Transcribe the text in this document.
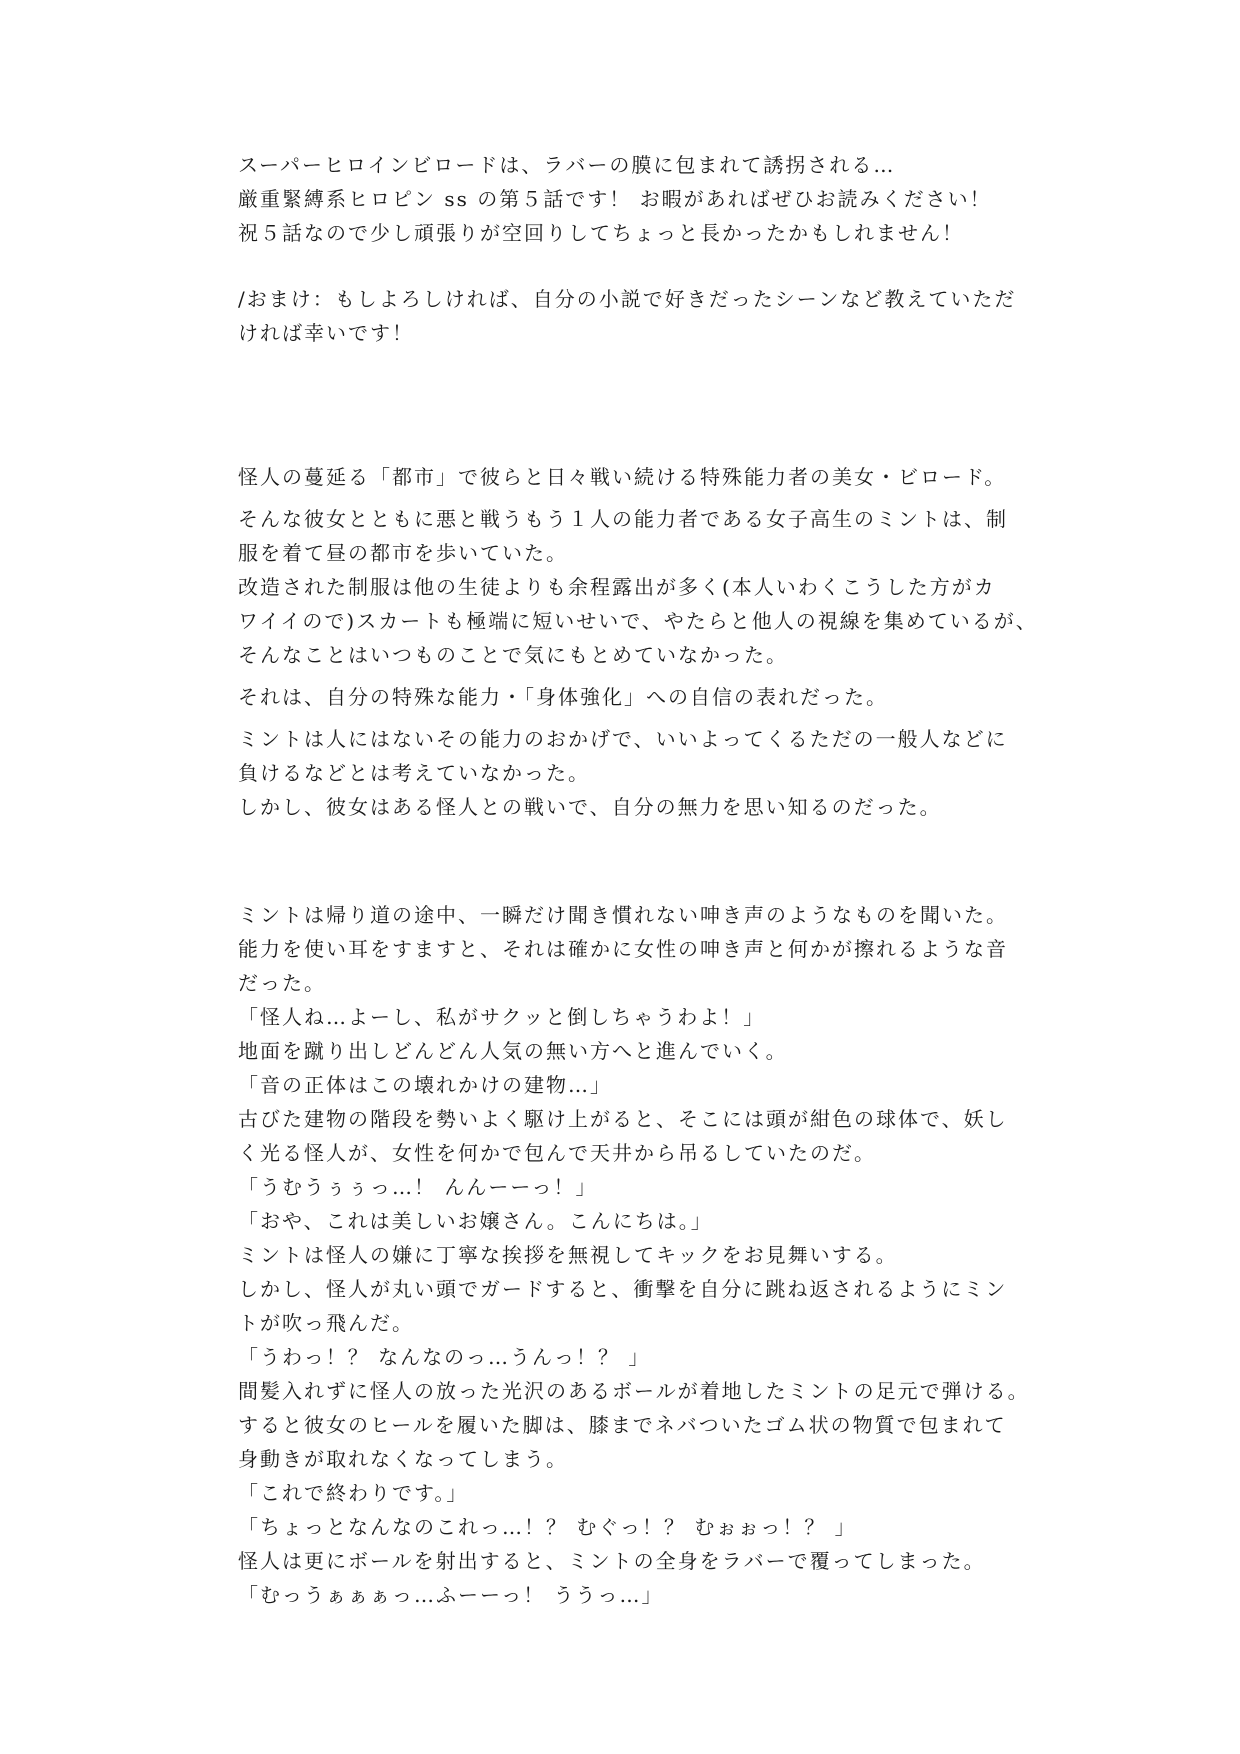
スーパーヒロインビロードは、ラバーの膜に包まれて誘拐される…
厳重緊縛系ヒロピン ss の第５話です！ お暇があればぜひお読みください！
祝５話なので少し頑張りが空回りしてちょっと長かったかもしれません！
/おまけ：もしよろしければ、自分の小説で好きだったシーンなど教えていただ
ければ幸いです！
怪人の蔓延る「都市」で彼らと日々戦い続ける特殊能力者の美女・ビロード。
そんな彼女とともに悪と戦うもう１人の能力者である女子高生のミントは、制
服を着て昼の都市を歩いていた。
改造された制服は他の生徒よりも余程露出が多く(本人いわくこうした方がカ
ワイイので)スカートも極端に短いせいで、やたらと他人の視線を集めているが、
そんなことはいつものことで気にもとめていなかった。
それは、自分の特殊な能力・「身体強化」への自信の表れだった。
ミントは人にはないその能力のおかげで、いいよってくるただの一般人などに
負けるなどとは考えていなかった。
しかし、彼女はある怪人との戦いで、自分の無力を思い知るのだった。
ミントは帰り道の途中、一瞬だけ聞き慣れない呻き声のようなものを聞いた。
能力を使い耳をすますと、それは確かに女性の呻き声と何かが擦れるような音
だった。
「怪人ね…よーし、私がサクッと倒しちゃうわよ！」
地面を蹴り出しどんどん人気の無い方へと進んでいく。
「音の正体はこの壊れかけの建物…」
古びた建物の階段を勢いよく駆け上がると、そこには頭が紺色の球体で、妖し
く光る怪人が、女性を何かで包んで天井から吊るしていたのだ。
「うむうぅぅっ…！ んんーーっ！」
「おや、これは美しいお嬢さん。こんにちは。」
ミントは怪人の嫌に丁寧な挨拶を無視してキックをお見舞いする。
しかし、怪人が丸い頭でガードすると、衝撃を自分に跳ね返されるようにミン
トが吹っ飛んだ。
「うわっ！？ なんなのっ…うんっ！？ 」
間髪入れずに怪人の放った光沢のあるボールが着地したミントの足元で弾ける。
すると彼女のヒールを履いた脚は、膝までネバついたゴム状の物質で包まれて
身動きが取れなくなってしまう。
「これで終わりです。」
「ちょっとなんなのこれっ…！？ むぐっ！？ むぉぉっ！？ 」
怪人は更にボールを射出すると、ミントの全身をラバーで覆ってしまった。
「むっうぁぁぁっ…ふーーっ！ ううっ…」
